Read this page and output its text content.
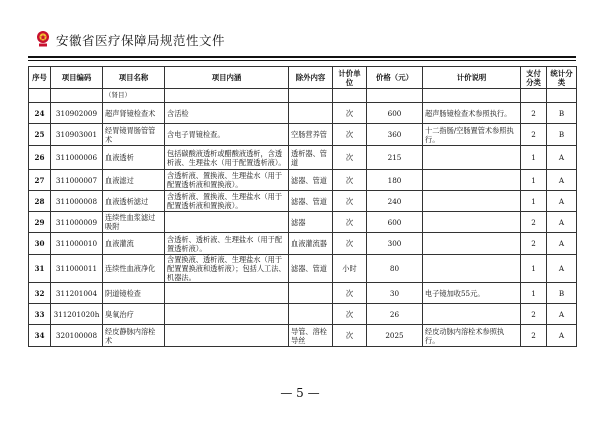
安徽省医疗保障局规范性文件
序号	项目编码	项目名称	项目内涵	除外内容	计价单位	价格（元）	计价说明	支付分类	统计分类
		（肾目）							
24	310902009	超声肾镜检查术	含活检		次	600	超声肠镜检查术参照执行。	2	B
25	310903001	经胃镜胃肠管管术	含电子胃镜检查。	空肠营养管	次	360	十二指肠/空肠置管术参照执行。	2	B
26	311000006	血液透析	包括碳酸液透析或醋酸液透析，含透析液、生理盐水（用于配置透析液）。	透析器、管道	次	215		1	A
27	311000007	血液滤过	含透析液、置换液、生理盐水（用于配置透析液和置换液）。	滤器、管道	次	180		1	A
28	311000008	血液透析滤过	含透析液、置换液、生理盐水（用于配置透析液和置换液）。	滤器、管道	次	240		1	A
29	311000009	连续性血浆滤过吸附		滤器	次	600		2	A
30	311000010	血液灌流	含透析、透析液、生理盐水（用于配置透析液）。	血液灌流器	次	300		2	A
31	311000011	连续性血液净化	含置换液、透析液、生理盐水（用于配置置换液和透析液）；包括人工法、机器法。	滤器、管道	小时	80		1	A
32	311201004	阴道镜检查			次	30	电子镜加收55元。	1	B
33	311201020h	臭氧治疗			次	26		2	A
34	320100008	经皮静脉内溶栓术		导管、溶栓导丝	次	2025	经皮动脉内溶栓术参照执行。	2	A
— 5 —
